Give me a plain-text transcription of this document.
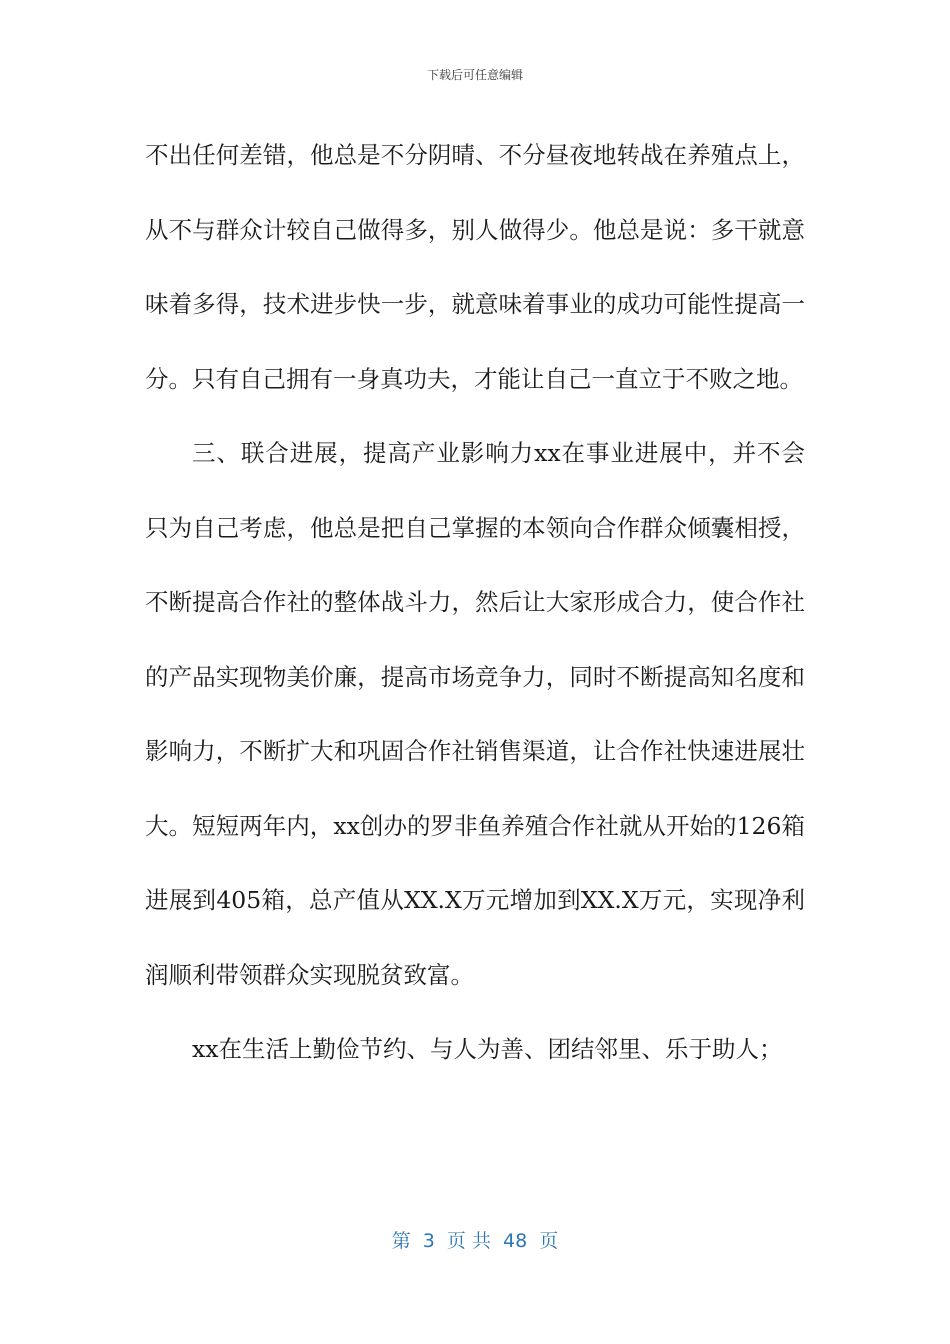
下载后可任意编辑

不出任何差错，他总是不分阴晴、不分昼夜地转战在养殖点上，从不与群众计较自己做得多，别人做得少。他总是说：多干就意味着多得，技术进步快一步，就意味着事业的成功可能性提高一分。只有自己拥有一身真功夫，才能让自己一直立于不败之地。

三、联合进展，提高产业影响力xx在事业进展中，并不会只为自己考虑，他总是把自己掌握的本领向合作群众倾囊相授，不断提高合作社的整体战斗力，然后让大家形成合力，使合作社的产品实现物美价廉，提高市场竞争力，同时不断提高知名度和影响力，不断扩大和巩固合作社销售渠道，让合作社快速进展壮大。短短两年内，xx创办的罗非鱼养殖合作社就从开始的126箱进展到405箱，总产值从XX.X万元增加到XX.X万元，实现净利润顺利带领群众实现脱贫致富。

xx在生活上勤俭节约、与人为善、团结邻里、乐于助人；

第  3  页 共  48  页
